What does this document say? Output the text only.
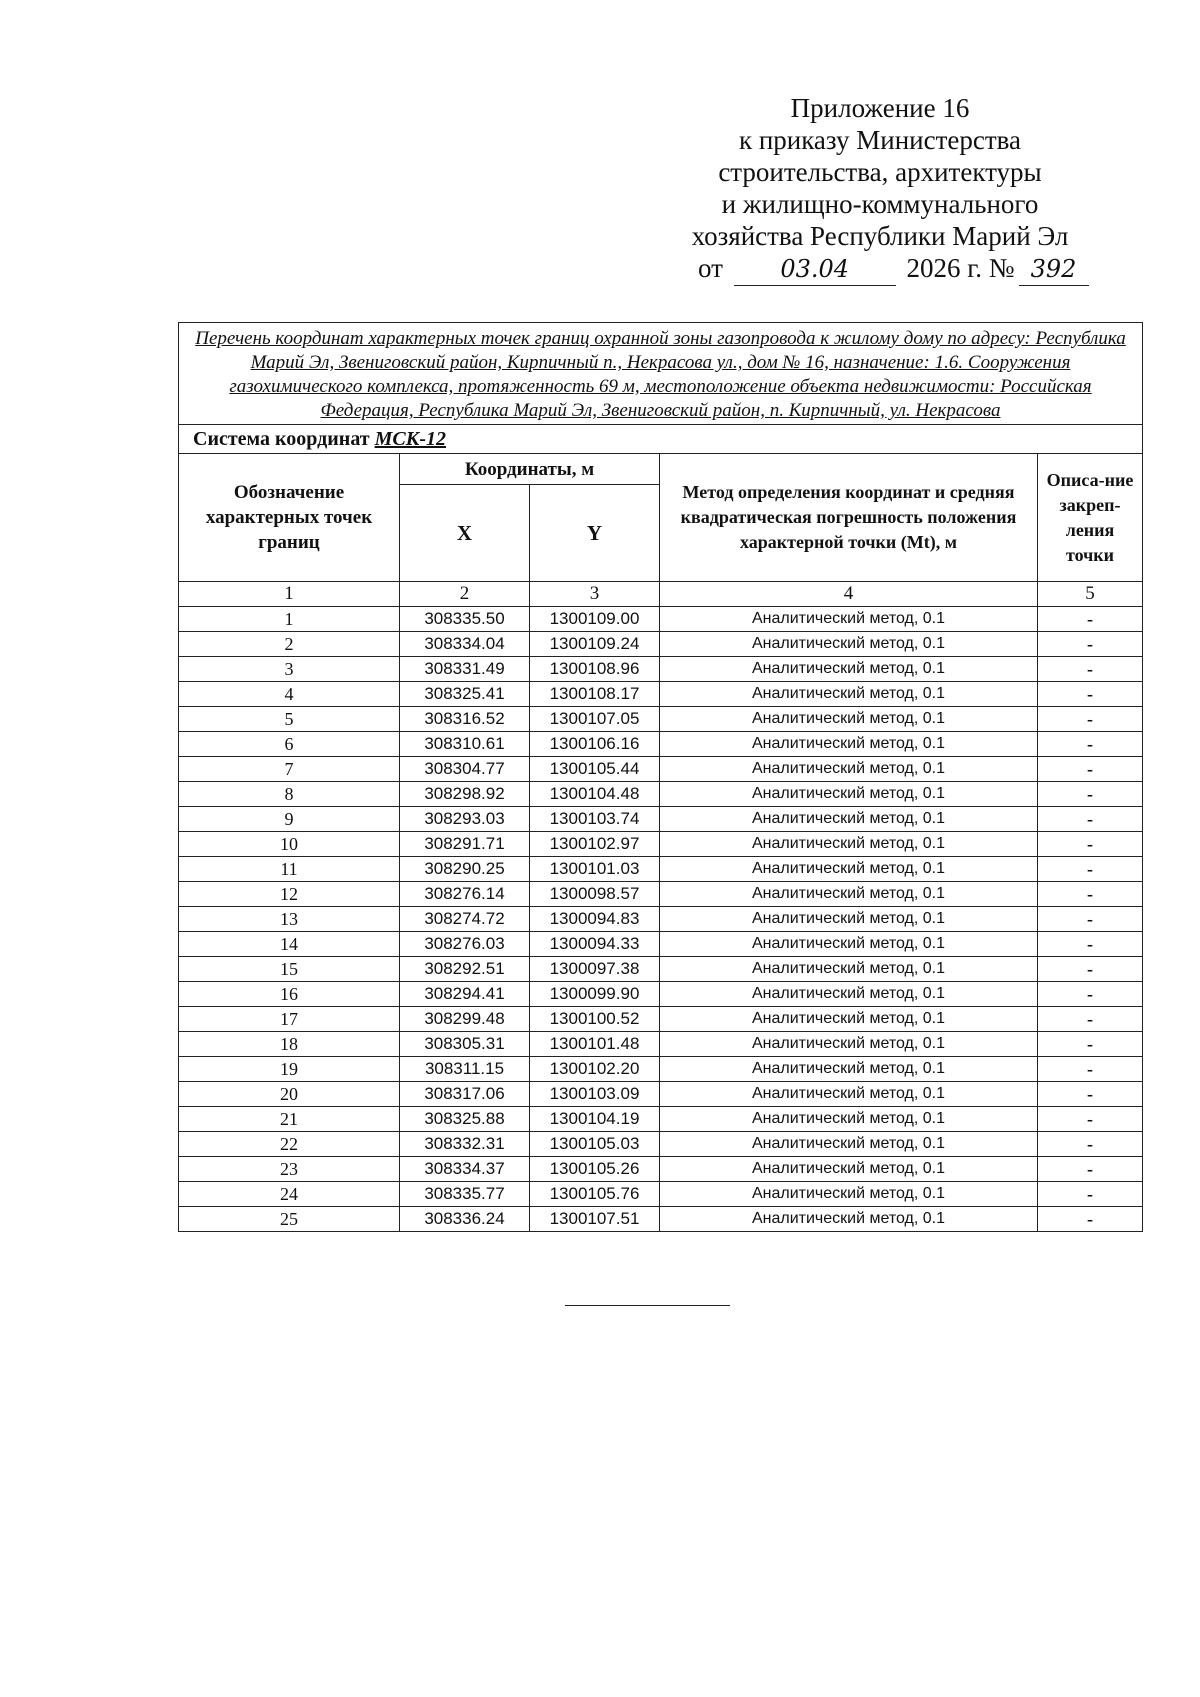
Приложение 16
к приказу Министерства
строительства, архитектуры
и жилищно-коммунального
хозяйства Республики Марий Эл
от 03.04 2026 г. № 392
Перечень координат характерных точек границ охранной зоны газопровода к жилому дому по адресу: Республика Марий Эл, Звениговский район, Кирпичный п., Некрасова ул., дом № 16, назначение: 1.6. Сооружения газохимического комплекса, протяженность 69 м, местоположение объекта недвижимости: Российская Федерация, Республика Марий Эл, Звениговский район, п. Кирпичный, ул. Некрасова				
Система координат МСК-12				
Обозначение характерных точек границ	Координаты, м		Метод определения координат и средняя квадратическая погрешность положения характерной точки (Mt), м	Описа-ние закреп-ления точки
	X	Y		
1	2	3	4	5
1	308335.50	1300109.00	Аналитический метод, 0.1	-
2	308334.04	1300109.24	Аналитический метод, 0.1	-
3	308331.49	1300108.96	Аналитический метод, 0.1	-
4	308325.41	1300108.17	Аналитический метод, 0.1	-
5	308316.52	1300107.05	Аналитический метод, 0.1	-
6	308310.61	1300106.16	Аналитический метод, 0.1	-
7	308304.77	1300105.44	Аналитический метод, 0.1	-
8	308298.92	1300104.48	Аналитический метод, 0.1	-
9	308293.03	1300103.74	Аналитический метод, 0.1	-
10	308291.71	1300102.97	Аналитический метод, 0.1	-
11	308290.25	1300101.03	Аналитический метод, 0.1	-
12	308276.14	1300098.57	Аналитический метод, 0.1	-
13	308274.72	1300094.83	Аналитический метод, 0.1	-
14	308276.03	1300094.33	Аналитический метод, 0.1	-
15	308292.51	1300097.38	Аналитический метод, 0.1	-
16	308294.41	1300099.90	Аналитический метод, 0.1	-
17	308299.48	1300100.52	Аналитический метод, 0.1	-
18	308305.31	1300101.48	Аналитический метод, 0.1	-
19	308311.15	1300102.20	Аналитический метод, 0.1	-
20	308317.06	1300103.09	Аналитический метод, 0.1	-
21	308325.88	1300104.19	Аналитический метод, 0.1	-
22	308332.31	1300105.03	Аналитический метод, 0.1	-
23	308334.37	1300105.26	Аналитический метод, 0.1	-
24	308335.77	1300105.76	Аналитический метод, 0.1	-
25	308336.24	1300107.51	Аналитический метод, 0.1	-
